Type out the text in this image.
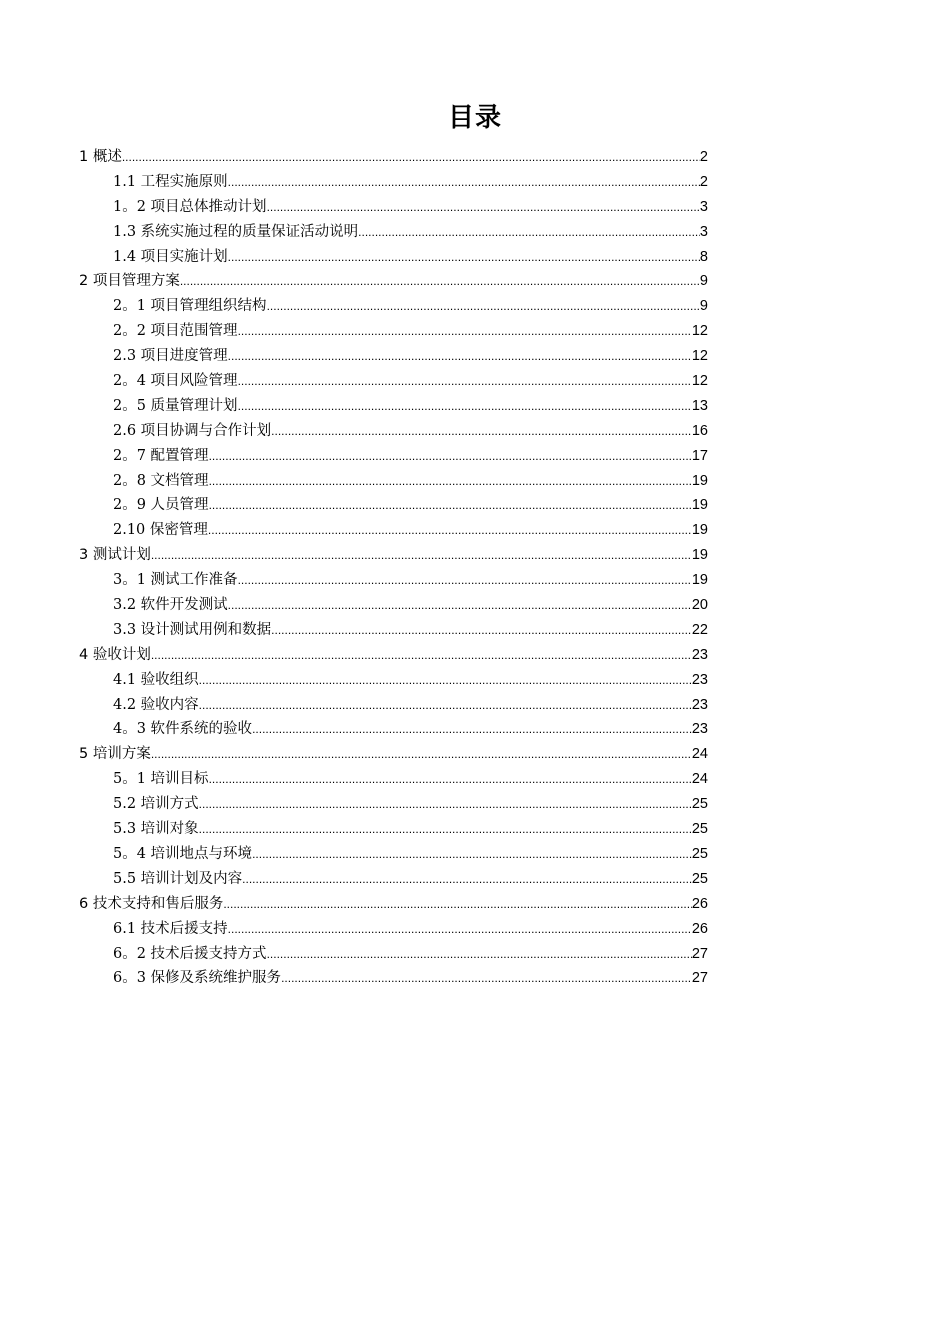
目录
1 概述 .....	2
1.1 工程实施原则 .....	2
1。2 项目总体推动计划 .....	3
1.3 系统实施过程的质量保证活动说明 .....	3
1.4 项目实施计划 .....	8
2 项目管理方案 .....	9
2。1 项目管理组织结构 .....	9
2。2 项目范围管理 .....	12
2.3 项目进度管理 .....	12
2。4 项目风险管理 .....	12
2。5 质量管理计划 .....	13
2.6 项目协调与合作计划 .....	16
2。7 配置管理 .....	17
2。8 文档管理 .....	19
2。9 人员管理 .....	19
2.10 保密管理 .....	19
3 测试计划 .....	19
3。1 测试工作准备 .....	19
3.2 软件开发测试 .....	20
3.3 设计测试用例和数据 .....	22
4 验收计划 .....	23
4.1 验收组织 .....	23
4.2 验收内容 .....	23
4。3 软件系统的验收 .....	23
5 培训方案 .....	24
5。1 培训目标 .....	24
5.2 培训方式 .....	25
5.3 培训对象 .....	25
5。4 培训地点与环境 .....	25
5.5 培训计划及内容 .....	25
6 技术支持和售后服务 .....	26
6.1 技术后援支持 .....	26
6。2 技术后援支持方式 .....	27
6。3 保修及系统维护服务 .....	27
